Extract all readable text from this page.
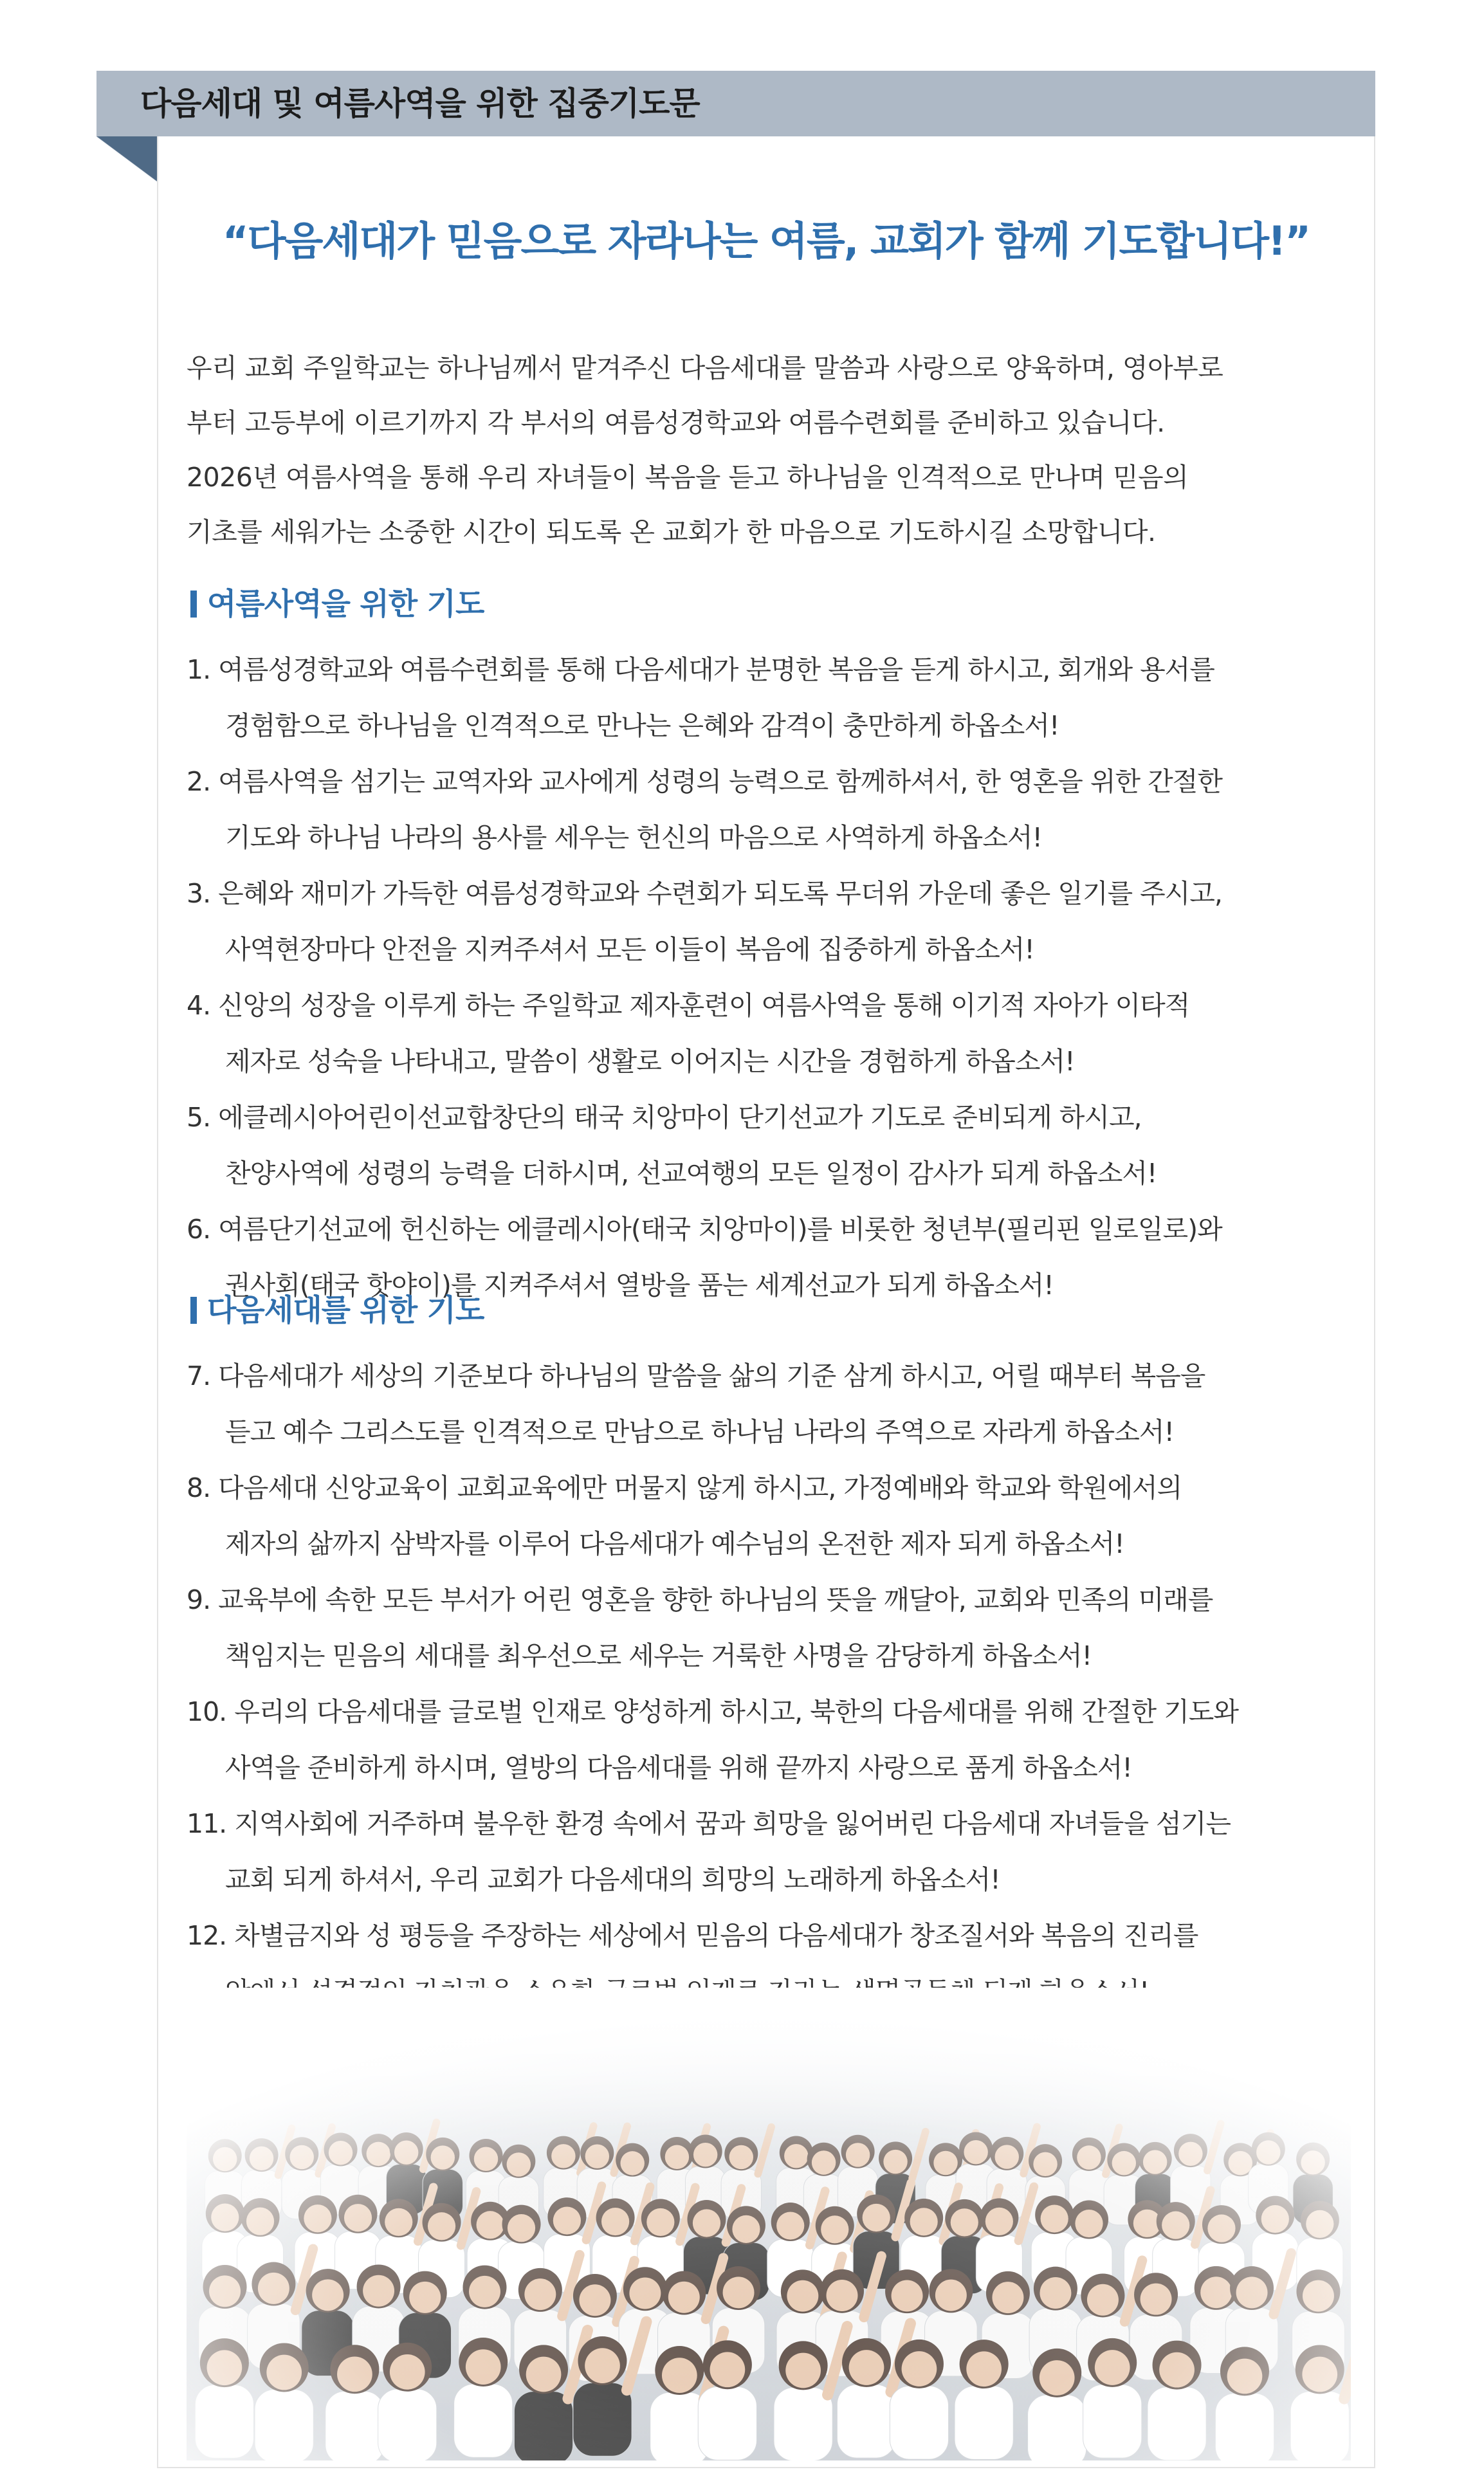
다음세대 및 여름사역을 위한 집중기도문
“다음세대가 믿음으로 자라나는 여름, 교회가 함께 기도합니다!”
우리 교회 주일학교는 하나님께서 맡겨주신 다음세대를 말씀과 사랑으로 양육하며, 영아부로
부터 고등부에 이르기까지 각 부서의 여름성경학교와 여름수련회를 준비하고 있습니다.
2026년 여름사역을 통해 우리 자녀들이 복음을 듣고 하나님을 인격적으로 만나며 믿음의
기초를 세워가는 소중한 시간이 되도록 온 교회가 한 마음으로 기도하시길 소망합니다.
여름사역을 위한 기도
1. 여름성경학교와 여름수련회를 통해 다음세대가 분명한 복음을 듣게 하시고, 회개와 용서를
경험함으로 하나님을 인격적으로 만나는 은혜와 감격이 충만하게 하옵소서!
2. 여름사역을 섬기는 교역자와 교사에게 성령의 능력으로 함께하셔서, 한 영혼을 위한 간절한
기도와 하나님 나라의 용사를 세우는 헌신의 마음으로 사역하게 하옵소서!
3. 은혜와 재미가 가득한 여름성경학교와 수련회가 되도록 무더위 가운데 좋은 일기를 주시고,
사역현장마다 안전을 지켜주셔서 모든 이들이 복음에 집중하게 하옵소서!
4. 신앙의 성장을 이루게 하는 주일학교 제자훈련이 여름사역을 통해 이기적 자아가 이타적
제자로 성숙을 나타내고, 말씀이 생활로 이어지는 시간을 경험하게 하옵소서!
5. 에클레시아어린이선교합창단의 태국 치앙마이 단기선교가 기도로 준비되게 하시고,
찬양사역에 성령의 능력을 더하시며, 선교여행의 모든 일정이 감사가 되게 하옵소서!
6. 여름단기선교에 헌신하는 에클레시아(태국 치앙마이)를 비롯한 청년부(필리핀 일로일로)와
권사회(태국 핫야이)를 지켜주셔서 열방을 품는 세계선교가 되게 하옵소서!
다음세대를 위한 기도
7. 다음세대가 세상의 기준보다 하나님의 말씀을 삶의 기준 삼게 하시고, 어릴 때부터 복음을
듣고 예수 그리스도를 인격적으로 만남으로 하나님 나라의 주역으로 자라게 하옵소서!
8. 다음세대 신앙교육이 교회교육에만 머물지 않게 하시고, 가정예배와 학교와 학원에서의
제자의 삶까지 삼박자를 이루어 다음세대가 예수님의 온전한 제자 되게 하옵소서!
9. 교육부에 속한 모든 부서가 어린 영혼을 향한 하나님의 뜻을 깨달아, 교회와 민족의 미래를
책임지는 믿음의 세대를 최우선으로 세우는 거룩한 사명을 감당하게 하옵소서!
10. 우리의 다음세대를 글로벌 인재로 양성하게 하시고, 북한의 다음세대를 위해 간절한 기도와
사역을 준비하게 하시며, 열방의 다음세대를 위해 끝까지 사랑으로 품게 하옵소서!
11. 지역사회에 거주하며 불우한 환경 속에서 꿈과 희망을 잃어버린 다음세대 자녀들을 섬기는
교회 되게 하셔서, 우리 교회가 다음세대의 희망의 노래하게 하옵소서!
12. 차별금지와 성 평등을 주장하는 세상에서 믿음의 다음세대가 창조질서와 복음의 진리를
